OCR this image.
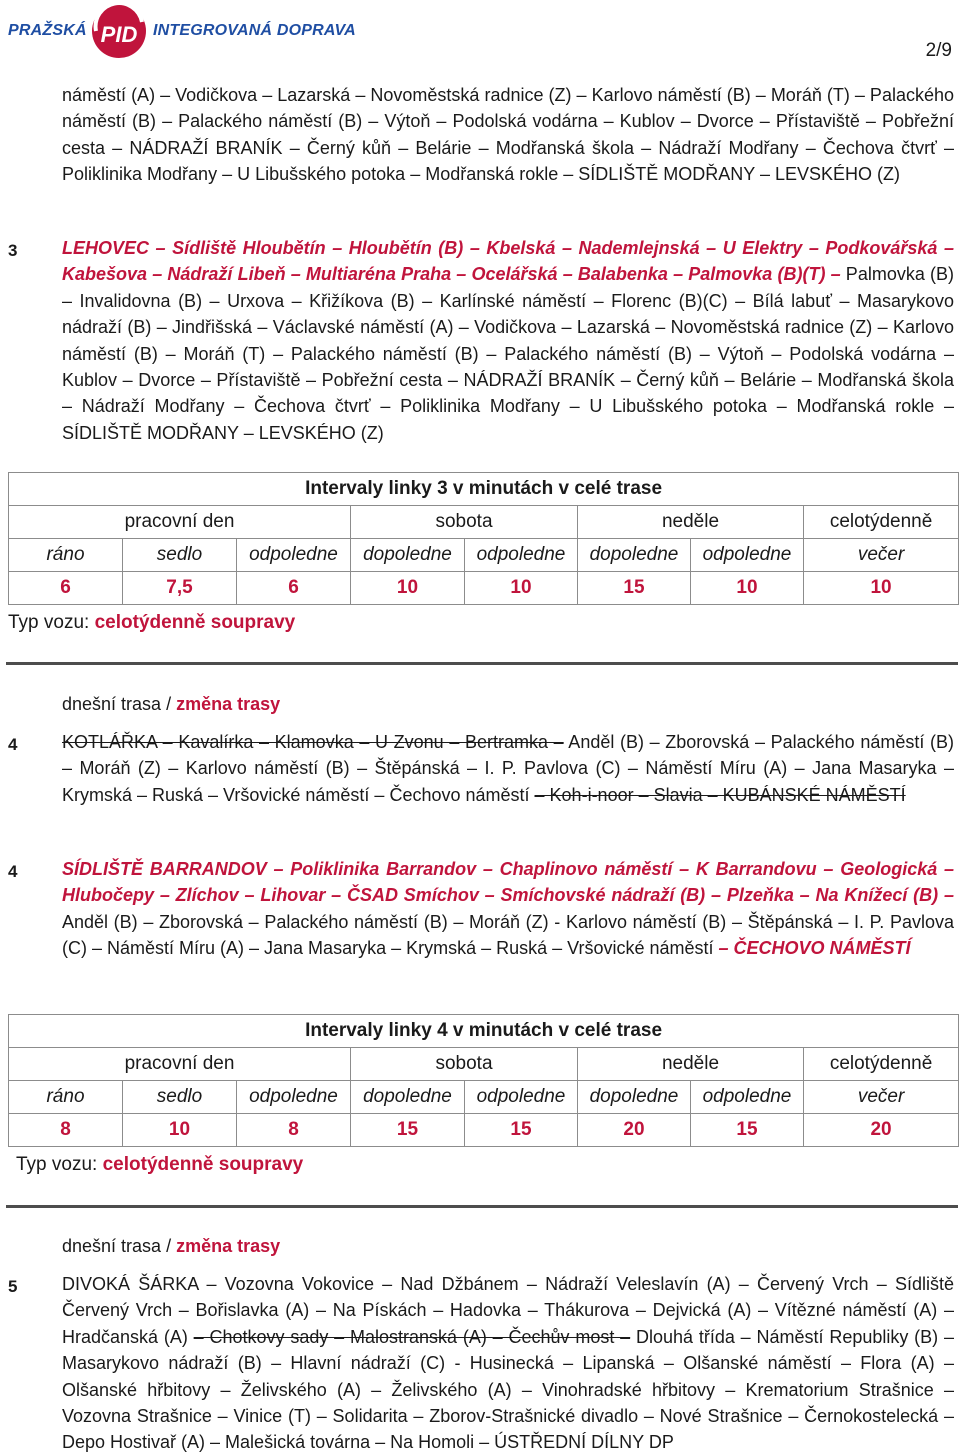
PRAŽSKÁ PID INTEGROVANÁ DOPRAVA
2/9
náměstí (A) – Vodičkova – Lazarská – Novoměstská radnice (Z) – Karlovo náměstí (B) – Moráň (T) – Palackého náměstí (B) – Palackého náměstí (B) – Výtoň – Podolská vodárna – Kublov – Dvorce – Přístaviště – Pobřežní cesta – NÁDRAŽÍ BRANÍK – Černý kůň – Belárie – Modřanská škola – Nádraží Modřany – Čechova čtvrť – Poliklinika Modřany – U Libušského potoka – Modřanská rokle – SÍDLIŠTĚ MODŘANY – LEVSKÉHO (Z)
3 LEHOVEC – Sídliště Hloubětín – Hloubětín (B) – Kbelská – Nademlejnská – U Elektry – Podkovářská – Kabešova – Nádraží Libeň – Multiaréna Praha – Ocelářská – Balabenka – Palmovka (B)(T) – Palmovka (B) – Invalidovna (B) – Urxova – Křižíkova (B) – Karlínské náměstí – Florenc (B)(C) – Bílá labuť – Masarykovo nádraží (B) – Jindřišská – Václavské náměstí (A) – Vodičkova – Lazarská – Novoměstská radnice (Z) – Karlovo náměstí (B) – Moráň (T) – Palackého náměstí (B) – Palackého náměstí (B) – Výtoň – Podolská vodárna – Kublov – Dvorce – Přístaviště – Pobřežní cesta – NÁDRAŽÍ BRANÍK – Černý kůň – Belárie – Modřanská škola – Nádraží Modřany – Čechova čtvrť – Poliklinika Modřany – U Libušského potoka – Modřanská rokle – SÍDLIŠTĚ MODŘANY – LEVSKÉHO (Z)
Intervaly linky 3 v minutách v celé trase							
pracovní den			sobota		neděle		celotýdenně
ráno	sedlo	odpoledne	dopoledne	odpoledne	dopoledne	odpoledne	večer
6	7,5	6	10	10	15	10	10
Typ vozu: celotýdenně soupravy
dnešní trasa / změna trasy
4 KOTLÁŘKA – Kavalírka – Klamovka – U Zvonu – Bertramka – Anděl (B) – Zborovská – Palackého náměstí (B) – Moráň (Z) – Karlovo náměstí (B) – Štěpánská – I. P. Pavlova (C) – Náměstí Míru (A) – Jana Masaryka – Krymská – Ruská – Vršovické náměstí – Čechovo náměstí – Koh-i-noor – Slavia – KUBÁNSKÉ NÁMĚSTÍ
4 SÍDLIŠTĚ BARRANDOV – Poliklinika Barrandov – Chaplinovo náměstí – K Barrandovu – Geologická – Hlubočepy – Zlíchov – Lihovar – ČSAD Smíchov – Smíchovské nádraží (B) – Plzeňka – Na Knížecí (B) – Anděl (B) – Zborovská – Palackého náměstí (B) – Moráň (Z) - Karlovo náměstí (B) – Štěpánská – I. P. Pavlova (C) – Náměstí Míru (A) – Jana Masaryka – Krymská – Ruská – Vršovické náměstí – ČECHOVO NÁMĚSTÍ
Intervaly linky 4 v minutách v celé trase							
pracovní den			sobota		neděle		celotýdenně
ráno	sedlo	odpoledne	dopoledne	odpoledne	dopoledne	odpoledne	večer
8	10	8	15	15	20	15	20
Typ vozu: celotýdenně soupravy
dnešní trasa / změna trasy
5 DIVOKÁ ŠÁRKA – Vozovna Vokovice – Nad Džbánem – Nádraží Veleslavín (A) – Červený Vrch – Sídliště Červený Vrch – Bořislavka (A) – Na Pískách – Hadovka – Thákurova – Dejvická (A) – Vítězné náměstí (A) – Hradčanská (A) – Chotkovy sady – Malostranská (A) – Čechův most – Dlouhá třída – Náměstí Republiky (B) – Masarykovo nádraží (B) – Hlavní nádraží (C) - Husinecká – Lipanská – Olšanské náměstí – Flora (A) – Olšanské hřbitovy – Želivského (A) – Želivského (A) – Vinohradské hřbitovy – Krematorium Strašnice – Vozovna Strašnice – Vinice (T) – Solidarita – Zborov-Strašnické divadlo – Nové Strašnice – Černokostelecká – Depo Hostivař (A) – Malešická továrna – Na Homoli – ÚSTŘEDNÍ DÍLNY DP
